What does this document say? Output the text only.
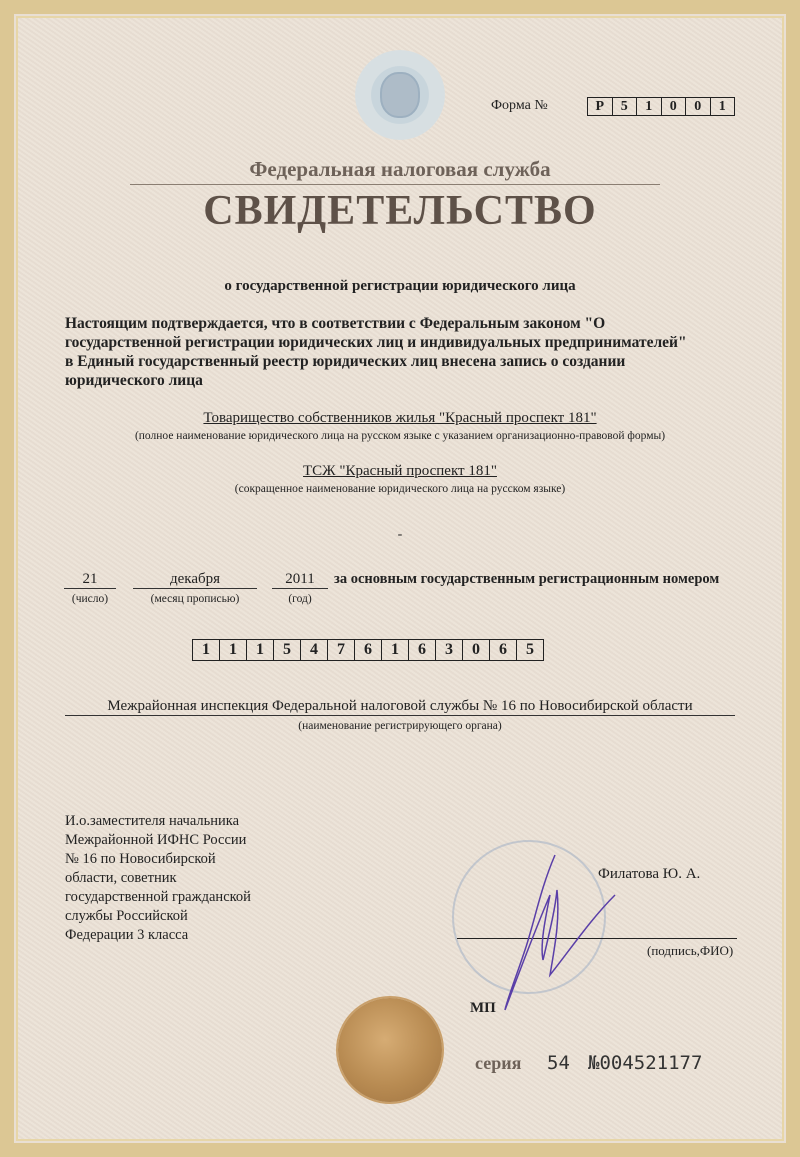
Форма №	Р	5	1	0	0	1
Федеральная налоговая служба
СВИДЕТЕЛЬСТВО
о государственной регистрации юридического лица
Настоящим подтверждается, что в соответствии с Федеральным законом "О
государственной регистрации юридических лиц и индивидуальных предпринимателей"
в Единый государственный реестр юридических лиц внесена запись о создании
юридического лица
Товарищество собственников жилья "Красный проспект 181"
(полное наименование юридического лица на русском языке с указанием организационно-правовой формы)
ТСЖ "Красный проспект 181"
(сокращенное наименование юридического лица на русском языке)
-
21
(число)
декабря
(месяц прописью)
2011
(год)
за основным государственным регистрационным номером
1	1	1	5	4	7	6	1	6	3	0	6	5
Межрайонная инспекция Федеральной налоговой службы № 16 по Новосибирской области
(наименование регистрирующего органа)
И.о.заместителя начальника
Межрайонной ИФНС России
№ 16 по Новосибирской
области, советник
государственной гражданской
службы Российской
Федерации 3 класса
Филатова Ю. А.
(подпись,ФИО)
МП
серия 54 №004521177
